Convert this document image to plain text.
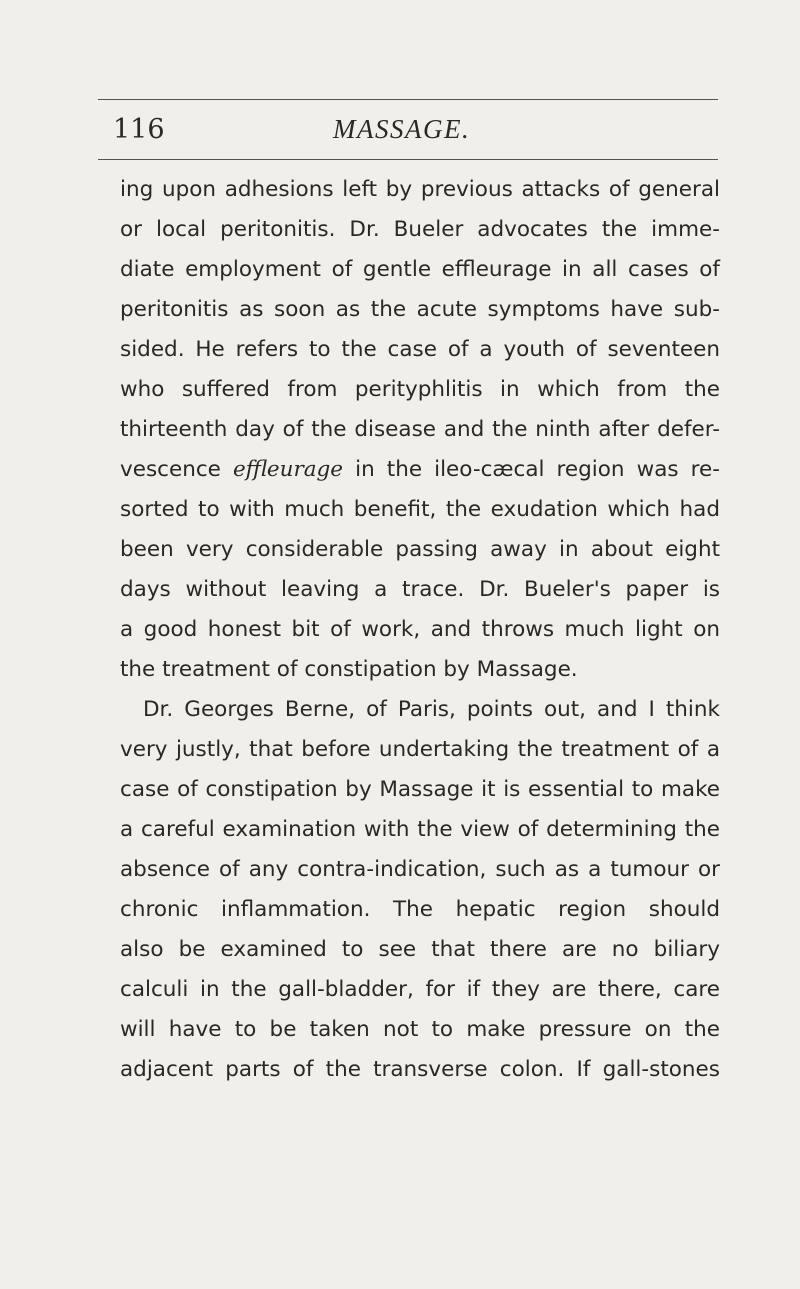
116	MASSAGE.
ing upon adhesions left by previous attacks of general
or local peritonitis. Dr. Bueler advocates the imme-
diate employment of gentle effleurage in all cases of
peritonitis as soon as the acute symptoms have sub-
sided. He refers to the case of a youth of seventeen
who suffered from perityphlitis in which from the
thirteenth day of the disease and the ninth after defer-
vescence effleurage in the ileo-cæcal region was re-
sorted to with much benefit, the exudation which had
been very considerable passing away in about eight
days without leaving a trace. Dr. Bueler's paper is
a good honest bit of work, and throws much light on
the treatment of constipation by Massage.
Dr. Georges Berne, of Paris, points out, and I think
very justly, that before undertaking the treatment of a
case of constipation by Massage it is essential to make
a careful examination with the view of determining the
absence of any contra-indication, such as a tumour or
chronic inflammation. The hepatic region should
also be examined to see that there are no biliary
calculi in the gall-bladder, for if they are there, care
will have to be taken not to make pressure on the
adjacent parts of the transverse colon. If gall-stones
